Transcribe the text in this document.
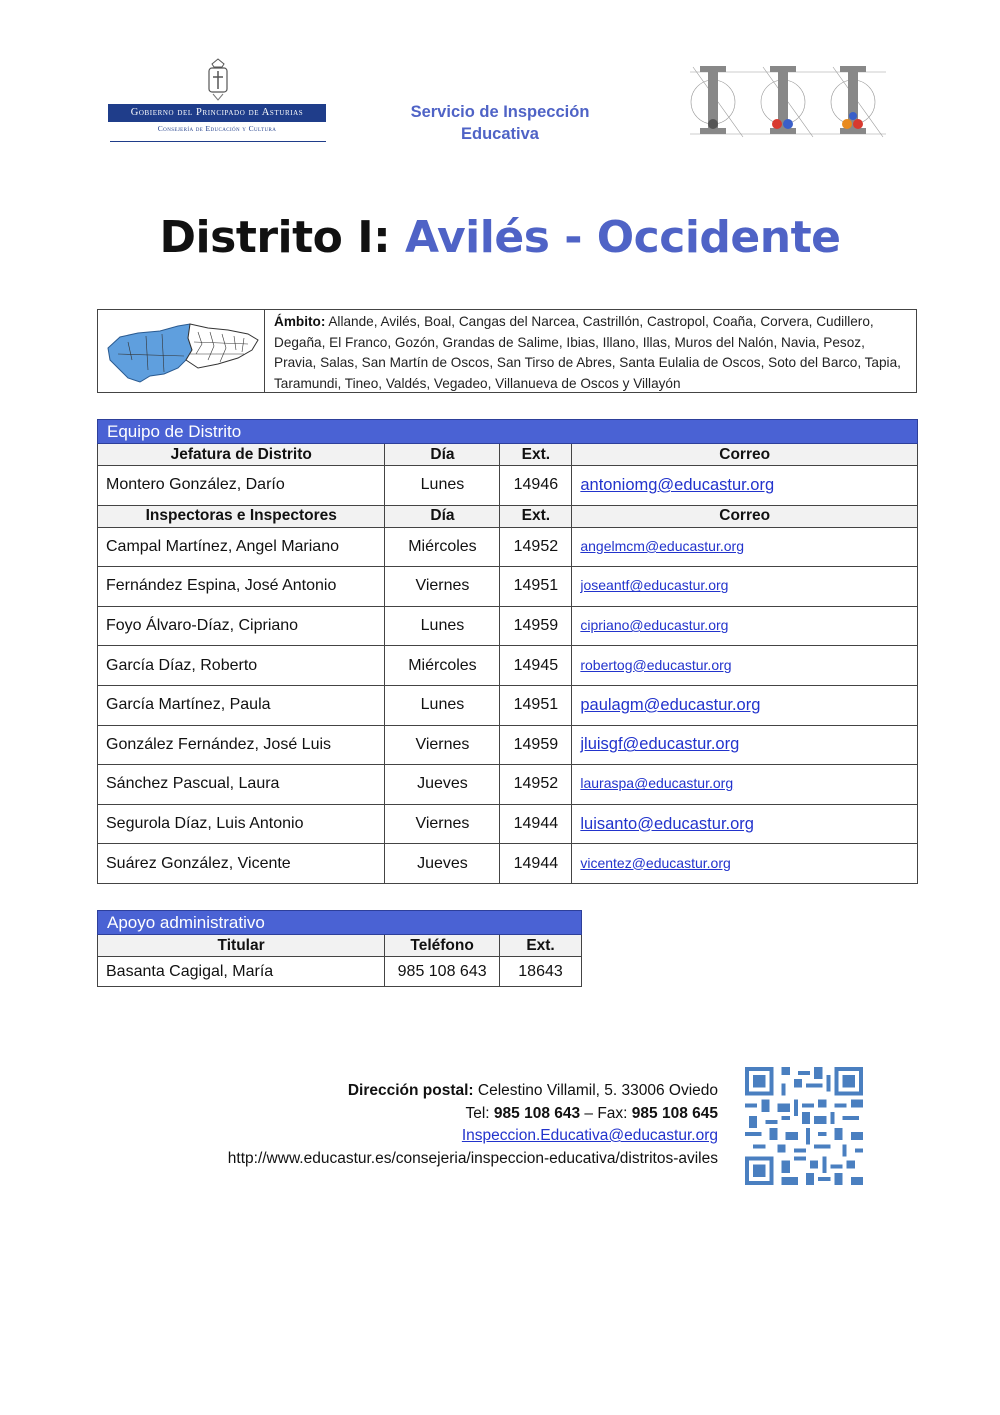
Gobierno del Principado de Asturias
Consejería de Educación y Cultura
Servicio de Inspección
Educativa
Distrito I: Avilés - Occidente
Ámbito: Allande, Avilés, Boal, Cangas del Narcea, Castrillón, Castropol, Coaña, Corvera, Cudillero, Degaña, El Franco, Gozón, Grandas de Salime, Ibias, Illano, Illas, Muros del Nalón, Navia, Pesoz, Pravia, Salas, San Martín de Oscos, San Tirso de Abres, Santa Eulalia de Oscos, Soto del Barco, Tapia, Taramundi, Tineo, Valdés, Vegadeo, Villanueva de Oscos y Villayón
Equipo de Distrito			
Jefatura de Distrito	Día	Ext.	Correo
Montero González, Darío	Lunes	14946	antoniomg@educastur.org
Inspectoras e Inspectores	Día	Ext.	Correo
Campal Martínez, Angel Mariano	Miércoles	14952	angelmcm@educastur.org
Fernández Espina, José Antonio	Viernes	14951	joseantf@educastur.org
Foyo Álvaro-Díaz, Cipriano	Lunes	14959	cipriano@educastur.org
García Díaz, Roberto	Miércoles	14945	robertog@educastur.org
García Martínez, Paula	Lunes	14951	paulagm@educastur.org
González Fernández, José Luis	Viernes	14959	jluisgf@educastur.org
Sánchez Pascual, Laura	Jueves	14952	lauraspa@educastur.org
Segurola Díaz, Luis Antonio	Viernes	14944	luisanto@educastur.org
Suárez González, Vicente	Jueves	14944	vicentez@educastur.org
Apoyo administrativo		
Titular	Teléfono	Ext.
Basanta Cagigal, María	985 108 643	18643
Dirección postal: Celestino Villamil, 5. 33006 Oviedo
Tel: 985 108 643 – Fax: 985 108 645
Inspeccion.Educativa@educastur.org
http://www.educastur.es/consejeria/inspeccion-educativa/distritos-aviles
